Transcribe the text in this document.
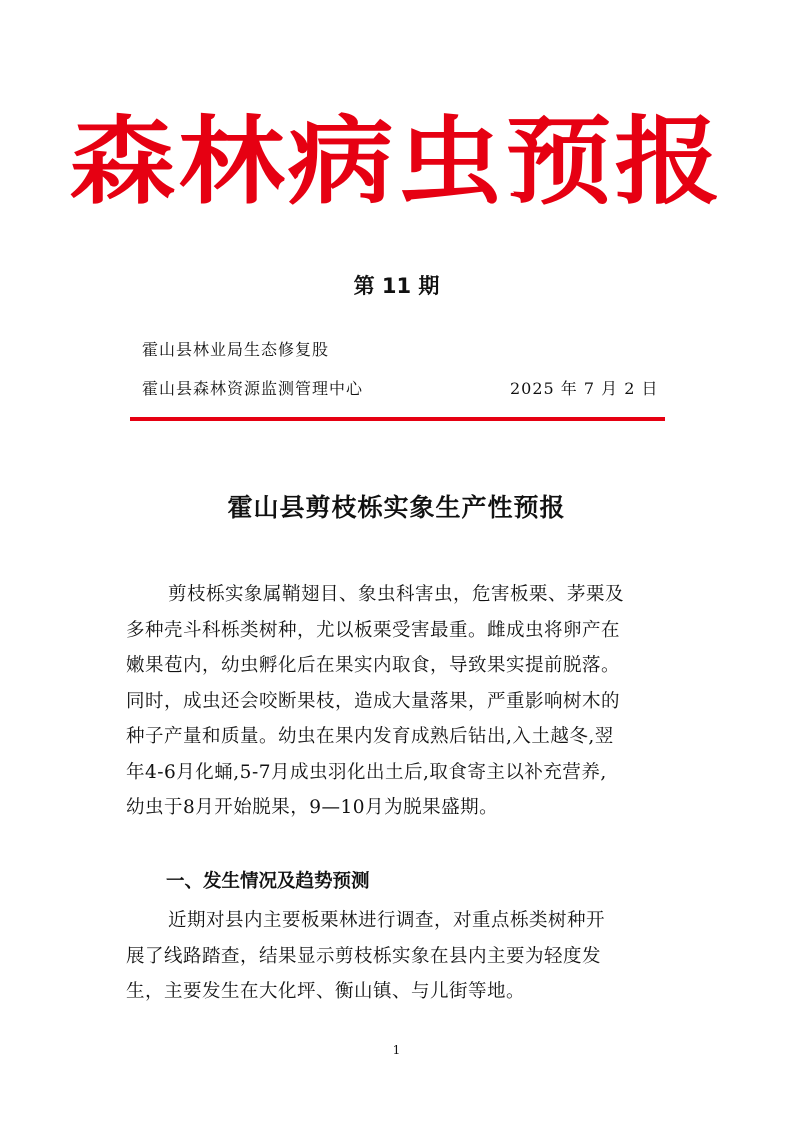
森林病虫预报
第 11 期
霍山县林业局生态修复股
霍山县森林资源监测管理中心	2025 年 7 月 2 日
霍山县剪枝栎实象生产性预报
剪枝栎实象属鞘翅目、象虫科害虫，危害板栗、茅栗及
多种壳斗科栎类树种，尤以板栗受害最重。雌成虫将卵产在
嫩果苞内，幼虫孵化后在果实内取食，导致果实提前脱落。
同时，成虫还会咬断果枝，造成大量落果，严重影响树木的
种子产量和质量。幼虫在果内发育成熟后钻出,入土越冬,翌
年4-6月化蛹,5-7月成虫羽化出土后,取食寄主以补充营养,
幼虫于8月开始脱果，9—10月为脱果盛期。
一、发生情况及趋势预测
近期对县内主要板栗林进行调查，对重点栎类树种开
展了线路踏查，结果显示剪枝栎实象在县内主要为轻度发
生，主要发生在大化坪、衡山镇、与儿街等地。
1
